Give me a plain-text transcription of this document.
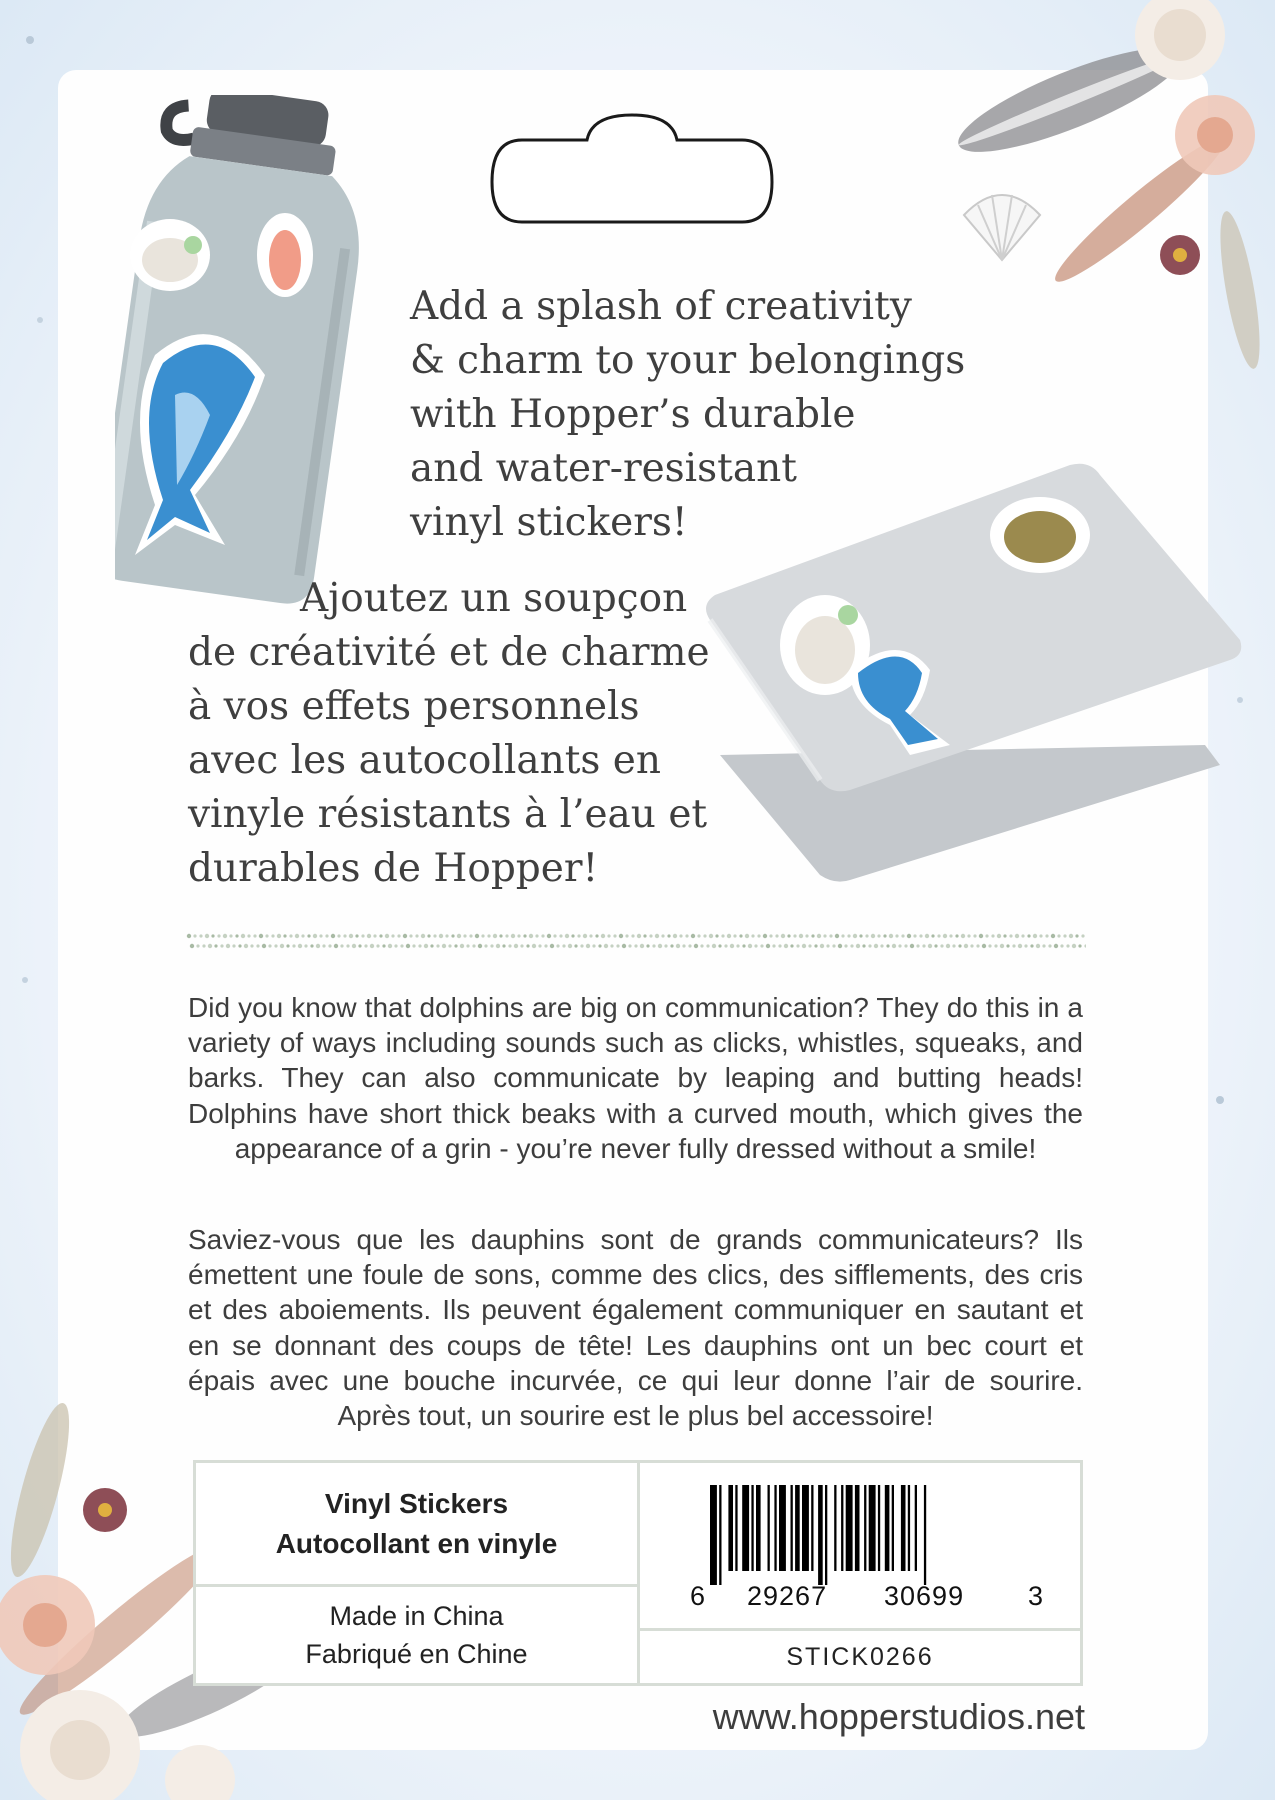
Add a splash of creativity
& charm to your belongings
with Hopper’s durable
and water-resistant
vinyl stickers!
Ajoutez un soupçon
de créativité et de charme
à vos effets personnels
avec les autocollants en
vinyle résistants à l’eau et
durables de Hopper!

Did you know that dolphins are big on communication? They do this in a variety of ways including sounds such as clicks, whistles, squeaks, and barks. They can also communicate by leaping and butting heads! Dolphins have short thick beaks with a curved mouth, which gives the appearance of a grin - you’re never fully dressed without a smile!

Saviez-vous que les dauphins sont de grands communicateurs? Ils émettent une foule de sons, comme des clics, des sifflements, des cris et des aboiements. Ils peuvent également communiquer en sautant et en se donnant des coups de tête! Les dauphins ont un bec court et épais avec une bouche incurvée, ce qui leur donne l’air de sourire. Après tout, un sourire est le plus bel accessoire!

Vinyl Stickers
Autocollant en vinyle
Made in China
Fabriqué en Chine
6 29267 30699 3
STICK0266
www.hopperstudios.net
